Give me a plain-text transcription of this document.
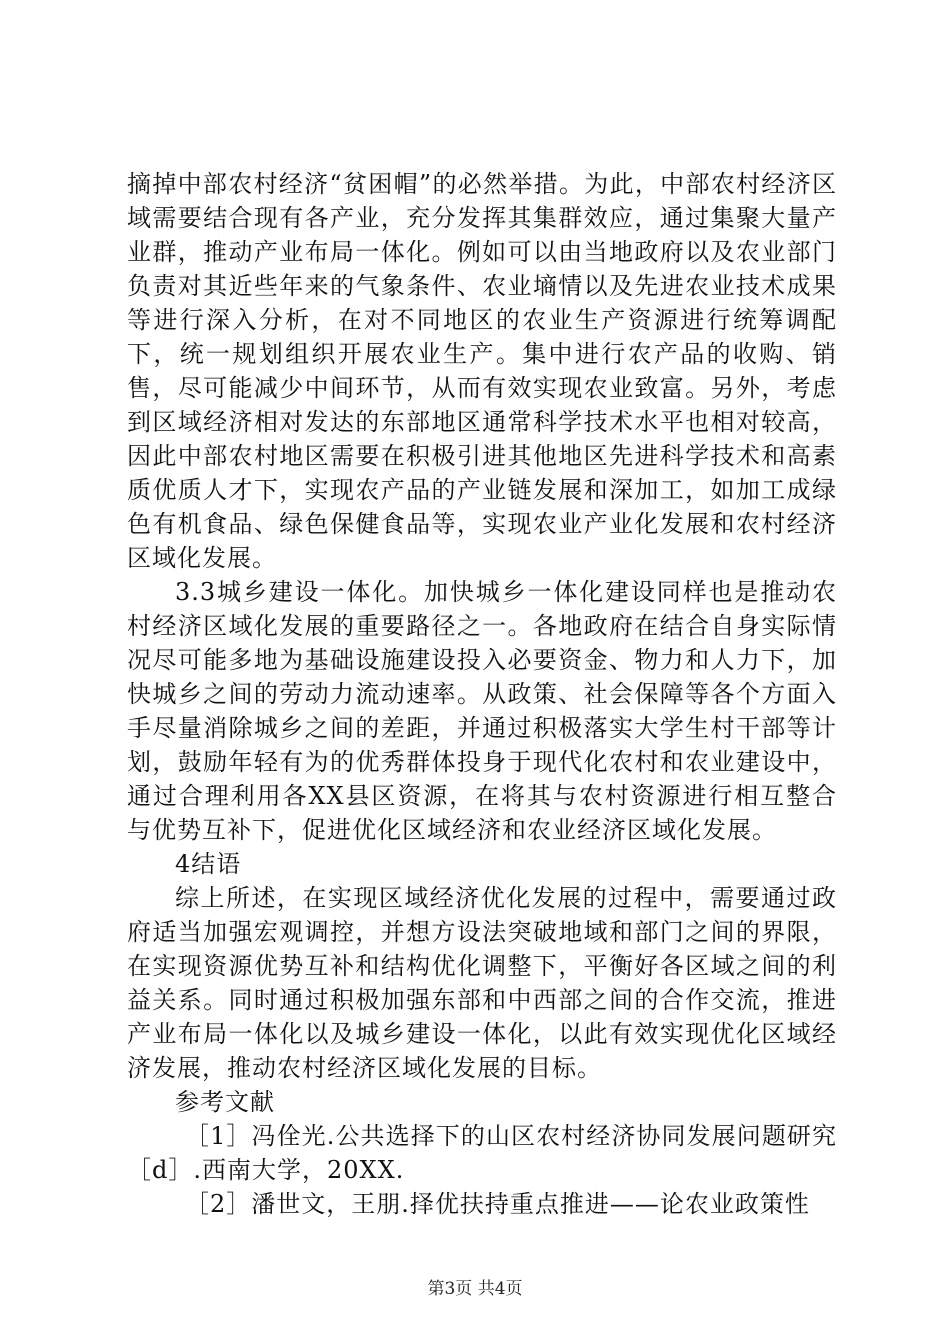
摘掉中部农村经济“贫困帽”的必然举措。为此，中部农村经济区域需要结合现有各产业，充分发挥其集群效应，通过集聚大量产业群，推动产业布局一体化。例如可以由当地政府以及农业部门负责对其近些年来的气象条件、农业墒情以及先进农业技术成果等进行深入分析，在对不同地区的农业生产资源进行统筹调配下，统一规划组织开展农业生产。集中进行农产品的收购、销售，尽可能减少中间环节，从而有效实现农业致富。另外，考虑到区域经济相对发达的东部地区通常科学技术水平也相对较高，因此中部农村地区需要在积极引进其他地区先进科学技术和高素质优质人才下，实现农产品的产业链发展和深加工，如加工成绿色有机食品、绿色保健食品等，实现农业产业化发展和农村经济区域化发展。

3.3城乡建设一体化。加快城乡一体化建设同样也是推动农村经济区域化发展的重要路径之一。各地政府在结合自身实际情况尽可能多地为基础设施建设投入必要资金、物力和人力下，加快城乡之间的劳动力流动速率。从政策、社会保障等各个方面入手尽量消除城乡之间的差距，并通过积极落实大学生村干部等计划，鼓励年轻有为的优秀群体投身于现代化农村和农业建设中，通过合理利用各XX县区资源，在将其与农村资源进行相互整合与优势互补下，促进优化区域经济和农业经济区域化发展。

4结语

综上所述，在实现区域经济优化发展的过程中，需要通过政府适当加强宏观调控，并想方设法突破地域和部门之间的界限，在实现资源优势互补和结构优化调整下，平衡好各区域之间的利益关系。同时通过积极加强东部和中西部之间的合作交流，推进产业布局一体化以及城乡建设一体化，以此有效实现优化区域经济发展，推动农村经济区域化发展的目标。

参考文献

［1］冯佺光.公共选择下的山区农村经济协同发展问题研究［d］.西南大学，20XX.

［2］潘世文，王朋.择优扶持重点推进——论农业政策性

第3页 共4页
